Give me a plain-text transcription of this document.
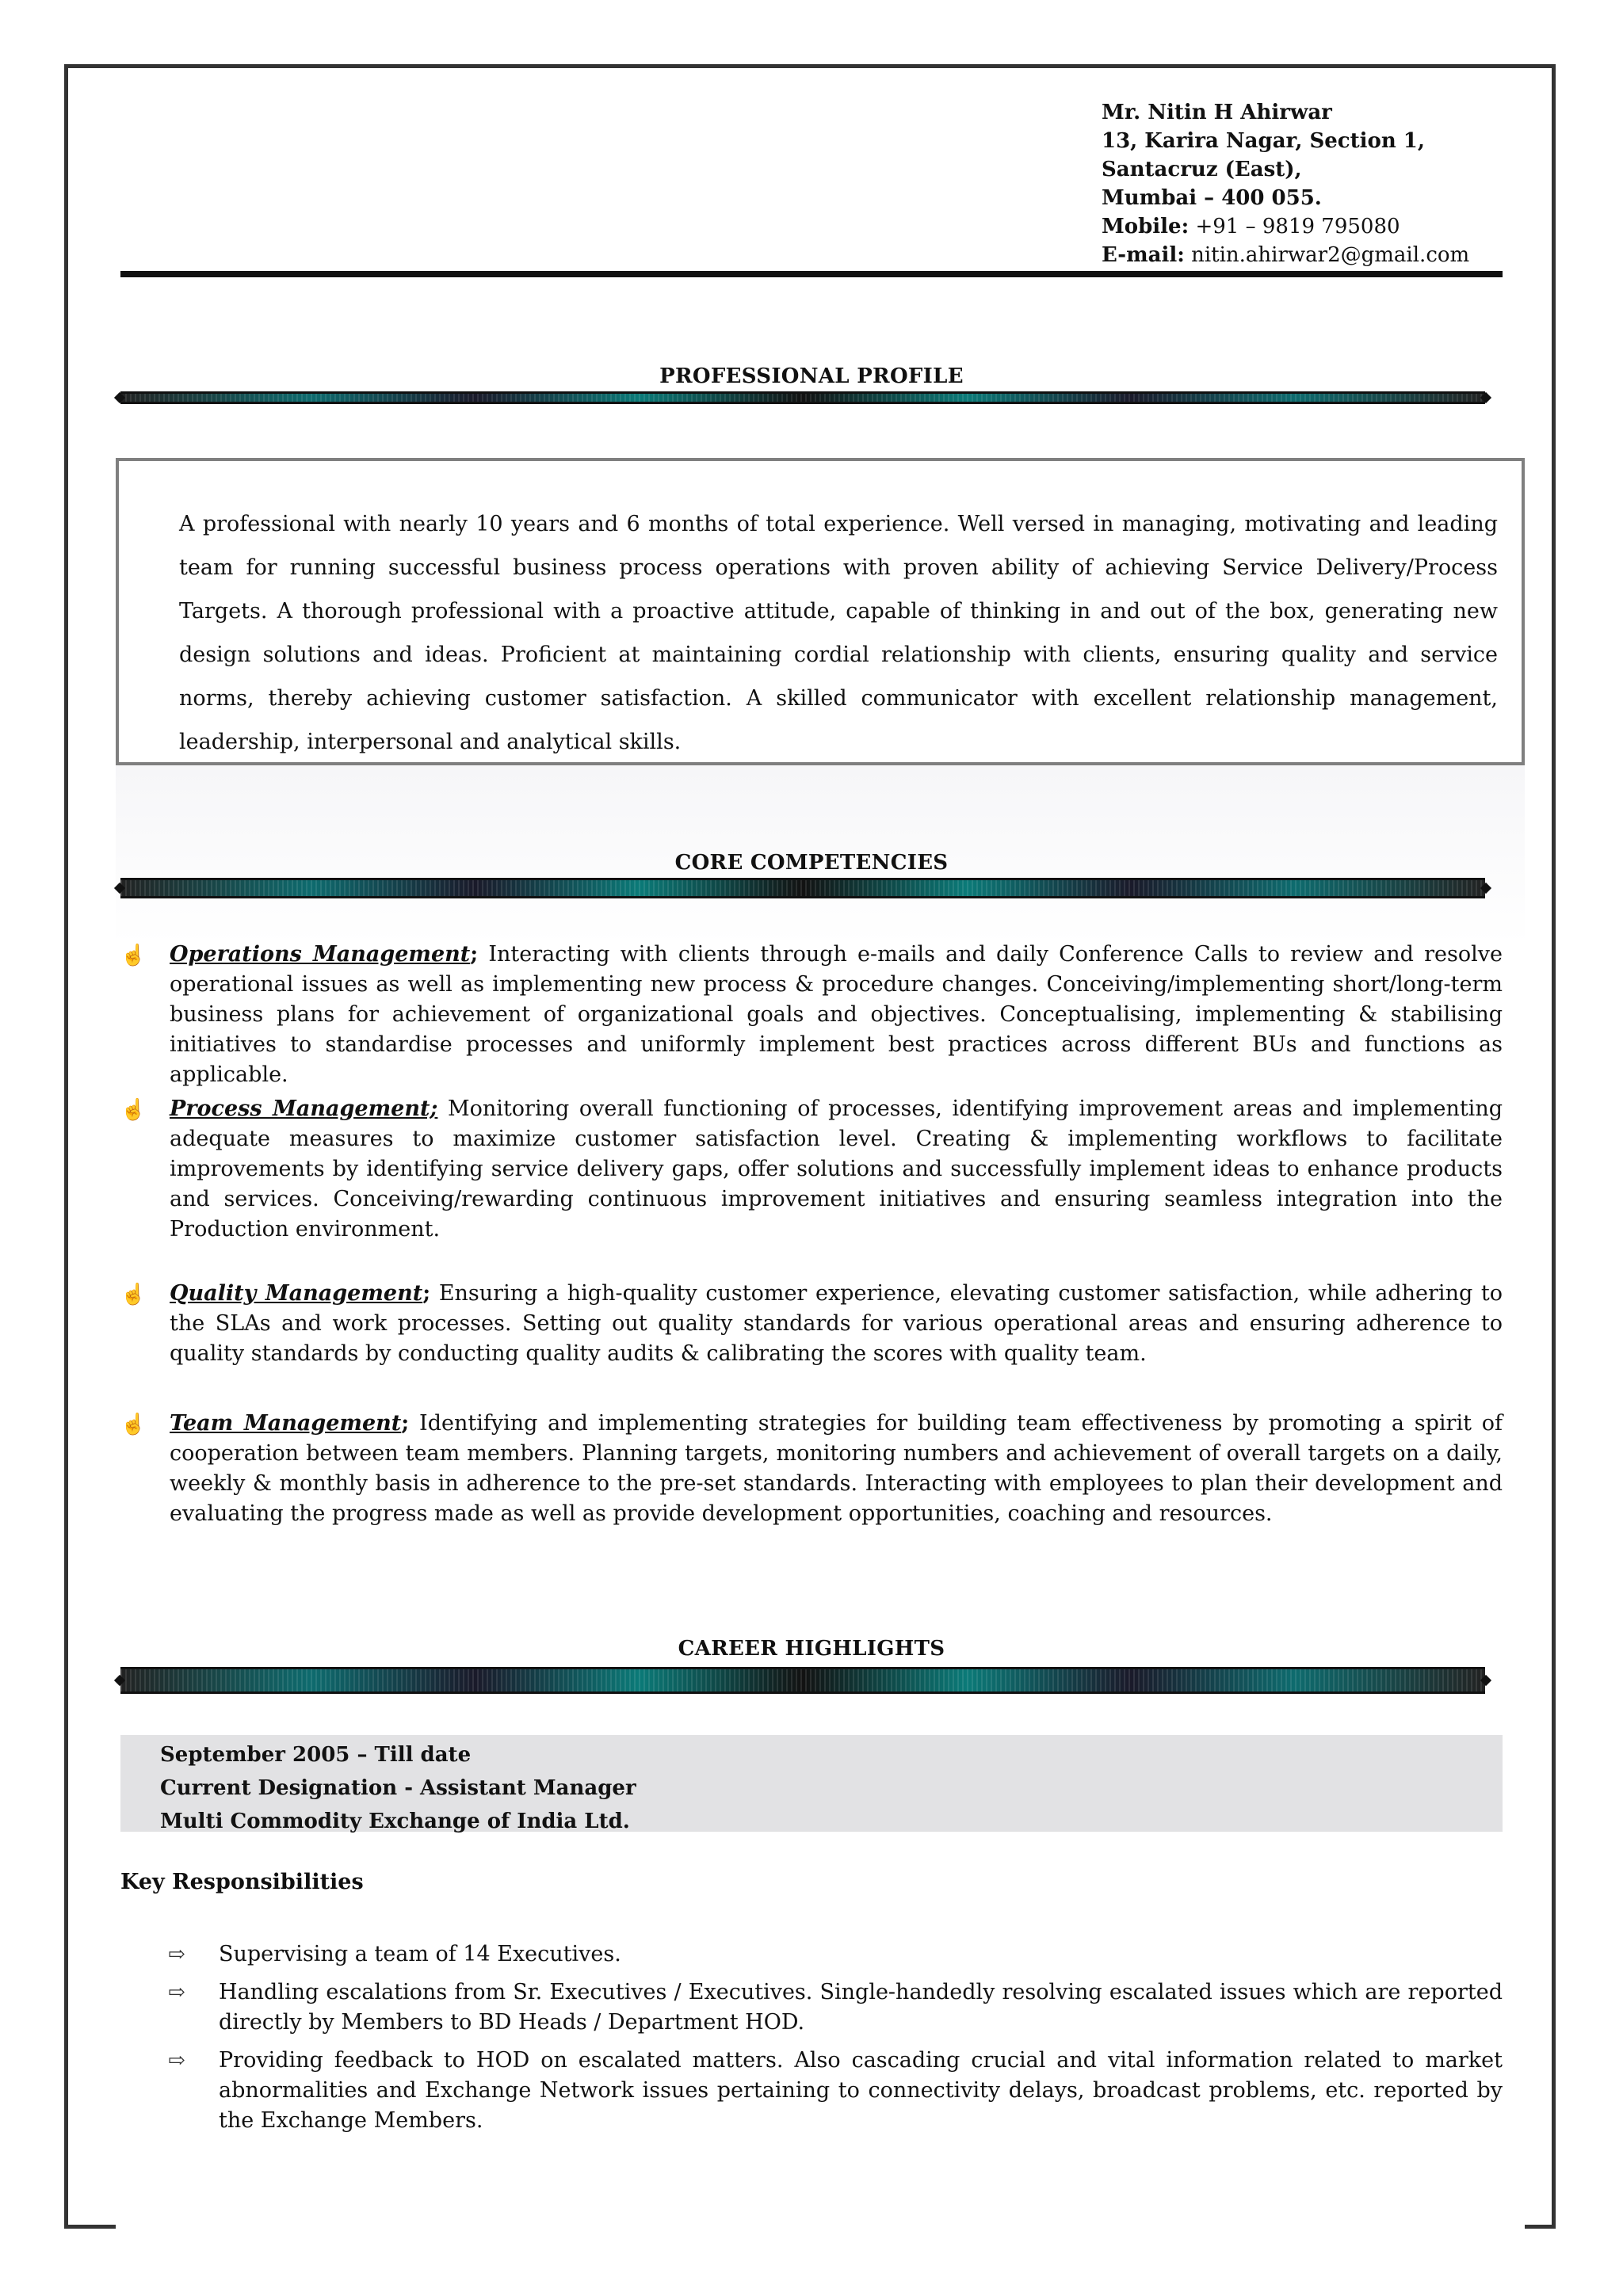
Mr. Nitin H Ahirwar
13, Karira Nagar, Section 1,
Santacruz (East),
Mumbai – 400 055.
Mobile: +91 – 9819 795080
E-mail: nitin.ahirwar2@gmail.com
PROFESSIONAL PROFILE
A professional with nearly 10 years and 6 months of total experience. Well versed in managing, motivating and leading team for running successful business process operations with proven ability of achieving Service Delivery/Process Targets. A thorough professional with a proactive attitude, capable of thinking in and out of the box, generating new design solutions and ideas. Proficient at maintaining cordial relationship with clients, ensuring quality and service norms, thereby achieving customer satisfaction. A skilled communicator with excellent relationship management, leadership, interpersonal and analytical skills.
CORE COMPETENCIES
☝ Operations Management; Interacting with clients through e-mails and daily Conference Calls to review and resolve operational issues as well as implementing new process & procedure changes. Conceiving/implementing short/long-term business plans for achievement of organizational goals and objectives. Conceptualising, implementing & stabilising initiatives to standardise processes and uniformly implement best practices across different BUs and functions as applicable.
☝ Process Management; Monitoring overall functioning of processes, identifying improvement areas and implementing adequate measures to maximize customer satisfaction level. Creating & implementing workflows to facilitate improvements by identifying service delivery gaps, offer solutions and successfully implement ideas to enhance products and services. Conceiving/rewarding continuous improvement initiatives and ensuring seamless integration into the Production environment.
☝ Quality Management; Ensuring a high-quality customer experience, elevating customer satisfaction, while adhering to the SLAs and work processes. Setting out quality standards for various operational areas and ensuring adherence to quality standards by conducting quality audits & calibrating the scores with quality team.
☝ Team Management; Identifying and implementing strategies for building team effectiveness by promoting a spirit of cooperation between team members. Planning targets, monitoring numbers and achievement of overall targets on a daily, weekly & monthly basis in adherence to the pre-set standards. Interacting with employees to plan their development and evaluating the progress made as well as provide development opportunities, coaching and resources.
CAREER HIGHLIGHTS
September 2005 – Till date
Current Designation - Assistant Manager
Multi Commodity Exchange of India Ltd.
Key Responsibilities
⇨ Supervising a team of 14 Executives.
⇨ Handling escalations from Sr. Executives / Executives. Single-handedly resolving escalated issues which are reported directly by Members to BD Heads / Department HOD.
⇨ Providing feedback to HOD on escalated matters. Also cascading crucial and vital information related to market abnormalities and Exchange Network issues pertaining to connectivity delays, broadcast problems, etc. reported by the Exchange Members.
